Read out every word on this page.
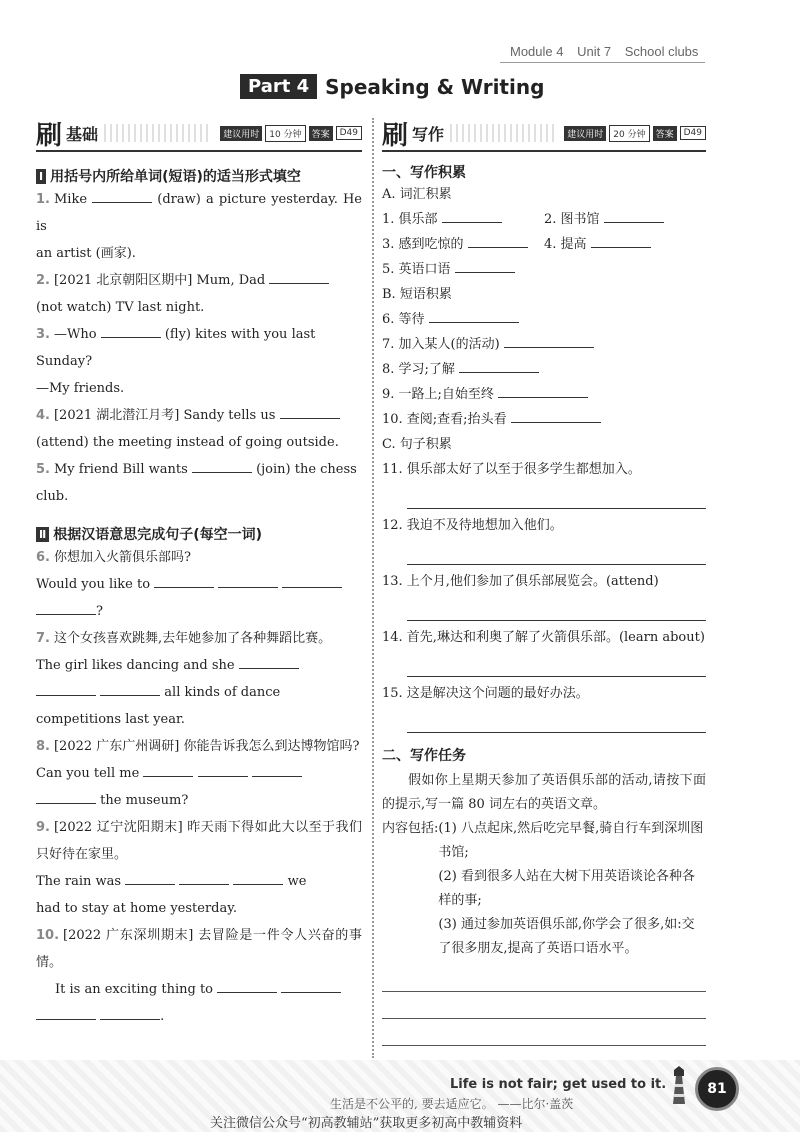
Module 4 Unit 7 School clubs
Part 4 Speaking & Writing
刷 基础	建议用时	10 分钟	答案	D49
Ⅰ 用括号内所给单词(短语)的适当形式填空
1. Mike	(draw) a picture yesterday. He is
an artist (画家).
2. [2021 北京朝阳区期中] Mum, Dad
(not watch) TV last night.
3. —Who	(fly) kites with you last
Sunday?
—My friends.
4. [2021 湖北潜江月考] Sandy tells us
(attend) the meeting instead of going outside.
5. My friend Bill wants	(join) the chess
club.
Ⅱ 根据汉语意思完成句子(每空一词)
6. 你想加入火箭俱乐部吗?
Would you like to
?
7. 这个女孩喜欢跳舞,去年她参加了各种舞蹈比赛。
The girl likes dancing and she
all kinds of dance
competitions last year.
8. [2022 广东广州调研] 你能告诉我怎么到达博物馆吗?
Can you tell me
the museum?
9. [2022 辽宁沈阳期末] 昨天雨下得如此大以至于我们只好待在家里。
The rain was	we
had to stay at home yesterday.
10. [2022 广东深圳期末] 去冒险是一件令人兴奋的事情。
It is an exciting thing to
.
刷 写作	建议用时	20 分钟	答案	D49
一、写作积累
A. 词汇积累
1. 俱乐部	2. 图书馆
3. 感到吃惊的	4. 提高
5. 英语口语
B. 短语积累
6. 等待
7. 加入某人(的活动)
8. 学习;了解
9. 一路上;自始至终
10. 查阅;查看;抬头看
C. 句子积累
11. 俱乐部太好了以至于很多学生都想加入。
12. 我迫不及待地想加入他们。
13. 上个月,他们参加了俱乐部展览会。(attend)
14. 首先,琳达和利奥了解了火箭俱乐部。(learn about)
15. 这是解决这个问题的最好办法。
二、写作任务
假如你上星期天参加了英语俱乐部的活动,请按下面的提示,写一篇 80 词左右的英语文章。
内容包括: (1) 八点起床,然后吃完早餐,骑自行车到深圳图书馆;
(2) 看到很多人站在大树下用英语谈论各种各样的事;
(3) 通过参加英语俱乐部,你学会了很多,如:交了很多朋友,提高了英语口语水平。
Life is not fair; get used to it.
生活是不公平的, 要去适应它。 ——比尔·盖茨
81
关注微信公众号“初高教辅站”获取更多初高中教辅资料
